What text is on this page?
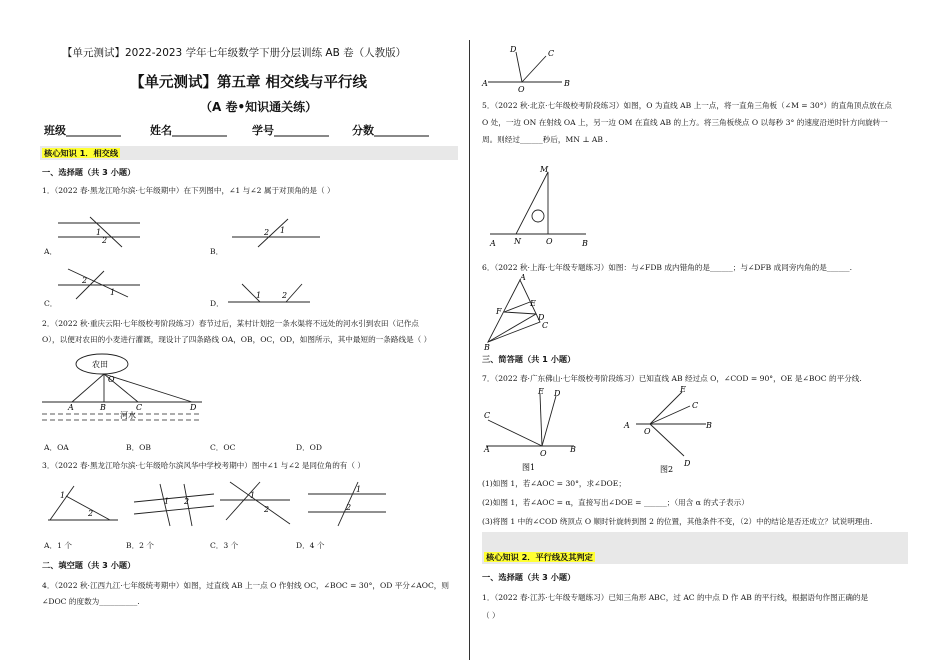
【单元测试】2022-2023 学年七年级数学下册分层训练 AB 卷（人教版）
【单元测试】第五章 相交线与平行线
（A 卷•知识通关练）
班级__________	姓名__________ 学号__________ 分数__________
核心知识 1．相交线
一、选择题（共 3 小题）
1．（2022 春·黑龙江哈尔滨·七年级期中）在下列图中，∠1 与∠2 属于对顶角的是（ ）
A．
1
2
B．
2 1
C．
2
1
D．
1	2
2．（2022 秋·重庆云阳·七年级校考阶段练习）春节过后，某村计划挖一条水渠将不远处的河水引到农田（记作点
O），以便对农田的小麦进行灌溉，现设计了四条路线 OA，OB，OC，OD，如图所示，其中最短的一条路线是（ ）
农田
O
A	B	C	D
河水
A．OA	B．OB	C．OC	D．OD
3．（2022 春·黑龙江哈尔滨·七年级哈尔滨风华中学校考期中）图中∠1 与∠2 是同位角的有（ ）
1
2
1 2
1
2
1
2
A．1 个	B．2 个	C．3 个	D．4 个
二、填空题（共 3 小题）
4．（2022 秋·江西九江·七年级统考期中）如图，过直线 AB 上一点 O 作射线 OC，∠BOC = 30°，OD 平分∠AOC，则
∠DOC 的度数为__________.
D	C
A
O
B
5．（2022 秋·北京·七年级校考阶段练习）如图，O 为直线 AB 上一点，将一直角三角板（∠M = 30°）的直角顶点放在点
O 处，一边 ON 在射线 OA 上，另一边 OM 在直线 AB 的上方。将三角板绕点 O 以每秒 3° 的速度沿逆时针方向旋转一
周。则经过______秒后，MN ⊥ AB .
M
A N	O	B
6．（2022 秋·上海·七年级专题练习）如图：与∠FDB 成内错角的是______；与∠DFB 成同旁内角的是______.
A
E
F
D
C
B
三、简答题（共 1 小题）
7．（2022 春·广东佛山·七年级校考阶段练习）已知直线 AB 经过点 O，∠COD = 90°，OE 是∠BOC 的平分线.
C
E D
A	O	B
图1
E
C
A
O
B
D
图2
(1)如图 1，若∠AOC = 30°，求∠DOE；
(2)如图 1，若∠AOC = α，直接写出∠DOE = ______；（用含 α 的式子表示）
(3)将图 1 中的∠COD 绕顶点 O 顺时针旋转到图 2 的位置，其他条件不变，（2）中的结论是否还成立？试说明理由.
核心知识 2．平行线及其判定
一、选择题（共 3 小题）
1．（2022 春·江苏·七年级专题练习）已知三角形 ABC，过 AC 的中点 D 作 AB 的平行线，根据语句作图正确的是
（ ）
